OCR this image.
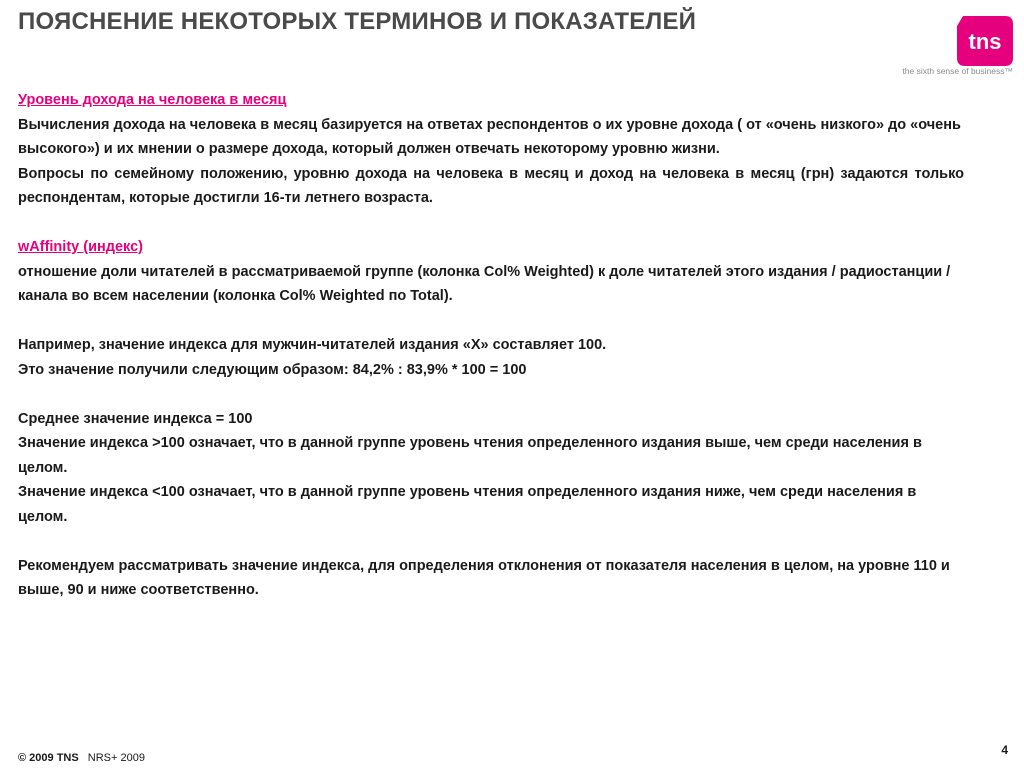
ПОЯСНЕНИЕ НЕКОТОРЫХ ТЕРМИНОВ И ПОКАЗАТЕЛЕЙ
tns
the sixth sense of business™

Уровень дохода на человека в месяц

Вычисления дохода на человека в месяц базируется на ответах респондентов о их уровне дохода ( от «очень низкого» до «очень высокого») и их мнении о размере дохода, который должен отвечать некоторому уровню жизни.

Вопросы по семейному положению, уровню дохода на человека в месяц и доход на человека в месяц (грн) задаются только респондентам, которые достигли 16-ти летнего возраста.

wAffinity (индекс)

отношение доли читателей в рассматриваемой группе (колонка Col% Weighted) к доле читателей этого издания / радиостанции / канала во всем населении (колонка Col% Weighted по Total).

Например, значение индекса для мужчин-читателей издания «Х» составляет 100.

Это значение получили следующим образом: 84,2% : 83,9% * 100 = 100

Среднее значение индекса = 100

Значение индекса >100 означает, что в данной группе уровень чтения определенного издания выше, чем среди населения в целом.

Значение индекса <100 означает, что в данной группе уровень чтения определенного издания ниже, чем среди населения в целом.

Рекомендуем рассматривать значение индекса, для определения отклонения от показателя населения в целом, на уровне 110 и выше, 90 и ниже соответственно.

© 2009 TNS NRS+ 2009
4
